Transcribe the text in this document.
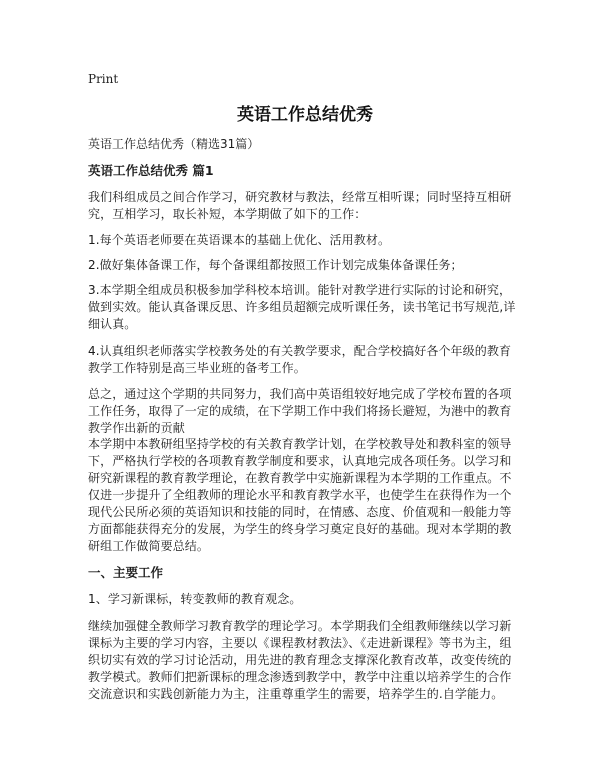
Print
英语工作总结优秀
英语工作总结优秀（精选31篇）
英语工作总结优秀 篇1

我们科组成员之间合作学习，研究教材与教法，经常互相听课；同时坚持互相研究，互相学习，取长补短，本学期做了如下的工作：

1.每个英语老师要在英语课本的基础上优化、活用教材。

2.做好集体备课工作，每个备课组都按照工作计划完成集体备课任务；

3.本学期全组成员积极参加学科校本培训。能针对教学进行实际的讨论和研究，做到实效。能认真备课反思、许多组员超额完成听课任务，读书笔记书写规范,详细认真。

4.认真组织老师落实学校教务处的有关教学要求，配合学校搞好各个年级的教育教学工作特别是高三毕业班的备考工作。

总之，通过这个学期的共同努力，我们高中英语组较好地完成了学校布置的各项工作任务，取得了一定的成绩，在下学期工作中我们将扬长避短，为港中的教育教学作出新的贡献

本学期中本教研组坚持学校的有关教育教学计划，在学校教导处和教科室的领导下，严格执行学校的各项教育教学制度和要求，认真地完成各项任务。以学习和研究新课程的教育教学理论，在教育教学中实施新课程为本学期的工作重点。不仅进一步提升了全组教师的理论水平和教育教学水平，也使学生在获得作为一个现代公民所必须的英语知识和技能的同时，在情感、态度、价值观和一般能力等方面都能获得充分的发展，为学生的终身学习奠定良好的基础。现对本学期的教研组工作做简要总结。

一、主要工作

1、学习新课标，转变教师的教育观念。

继续加强健全教师学习教育教学的理论学习。本学期我们全组教师继续以学习新课标为主要的学习内容，主要以《课程教材教法》、《走进新课程》等书为主，组织切实有效的学习讨论活动，用先进的教育理念支撑深化教育改革，改变传统的教学模式。教师们把新课标的理念渗透到教学中，教学中注重以培养学生的合作交流意识和实践创新能力为主，注重尊重学生的需要，培养学生的.自学能力。
